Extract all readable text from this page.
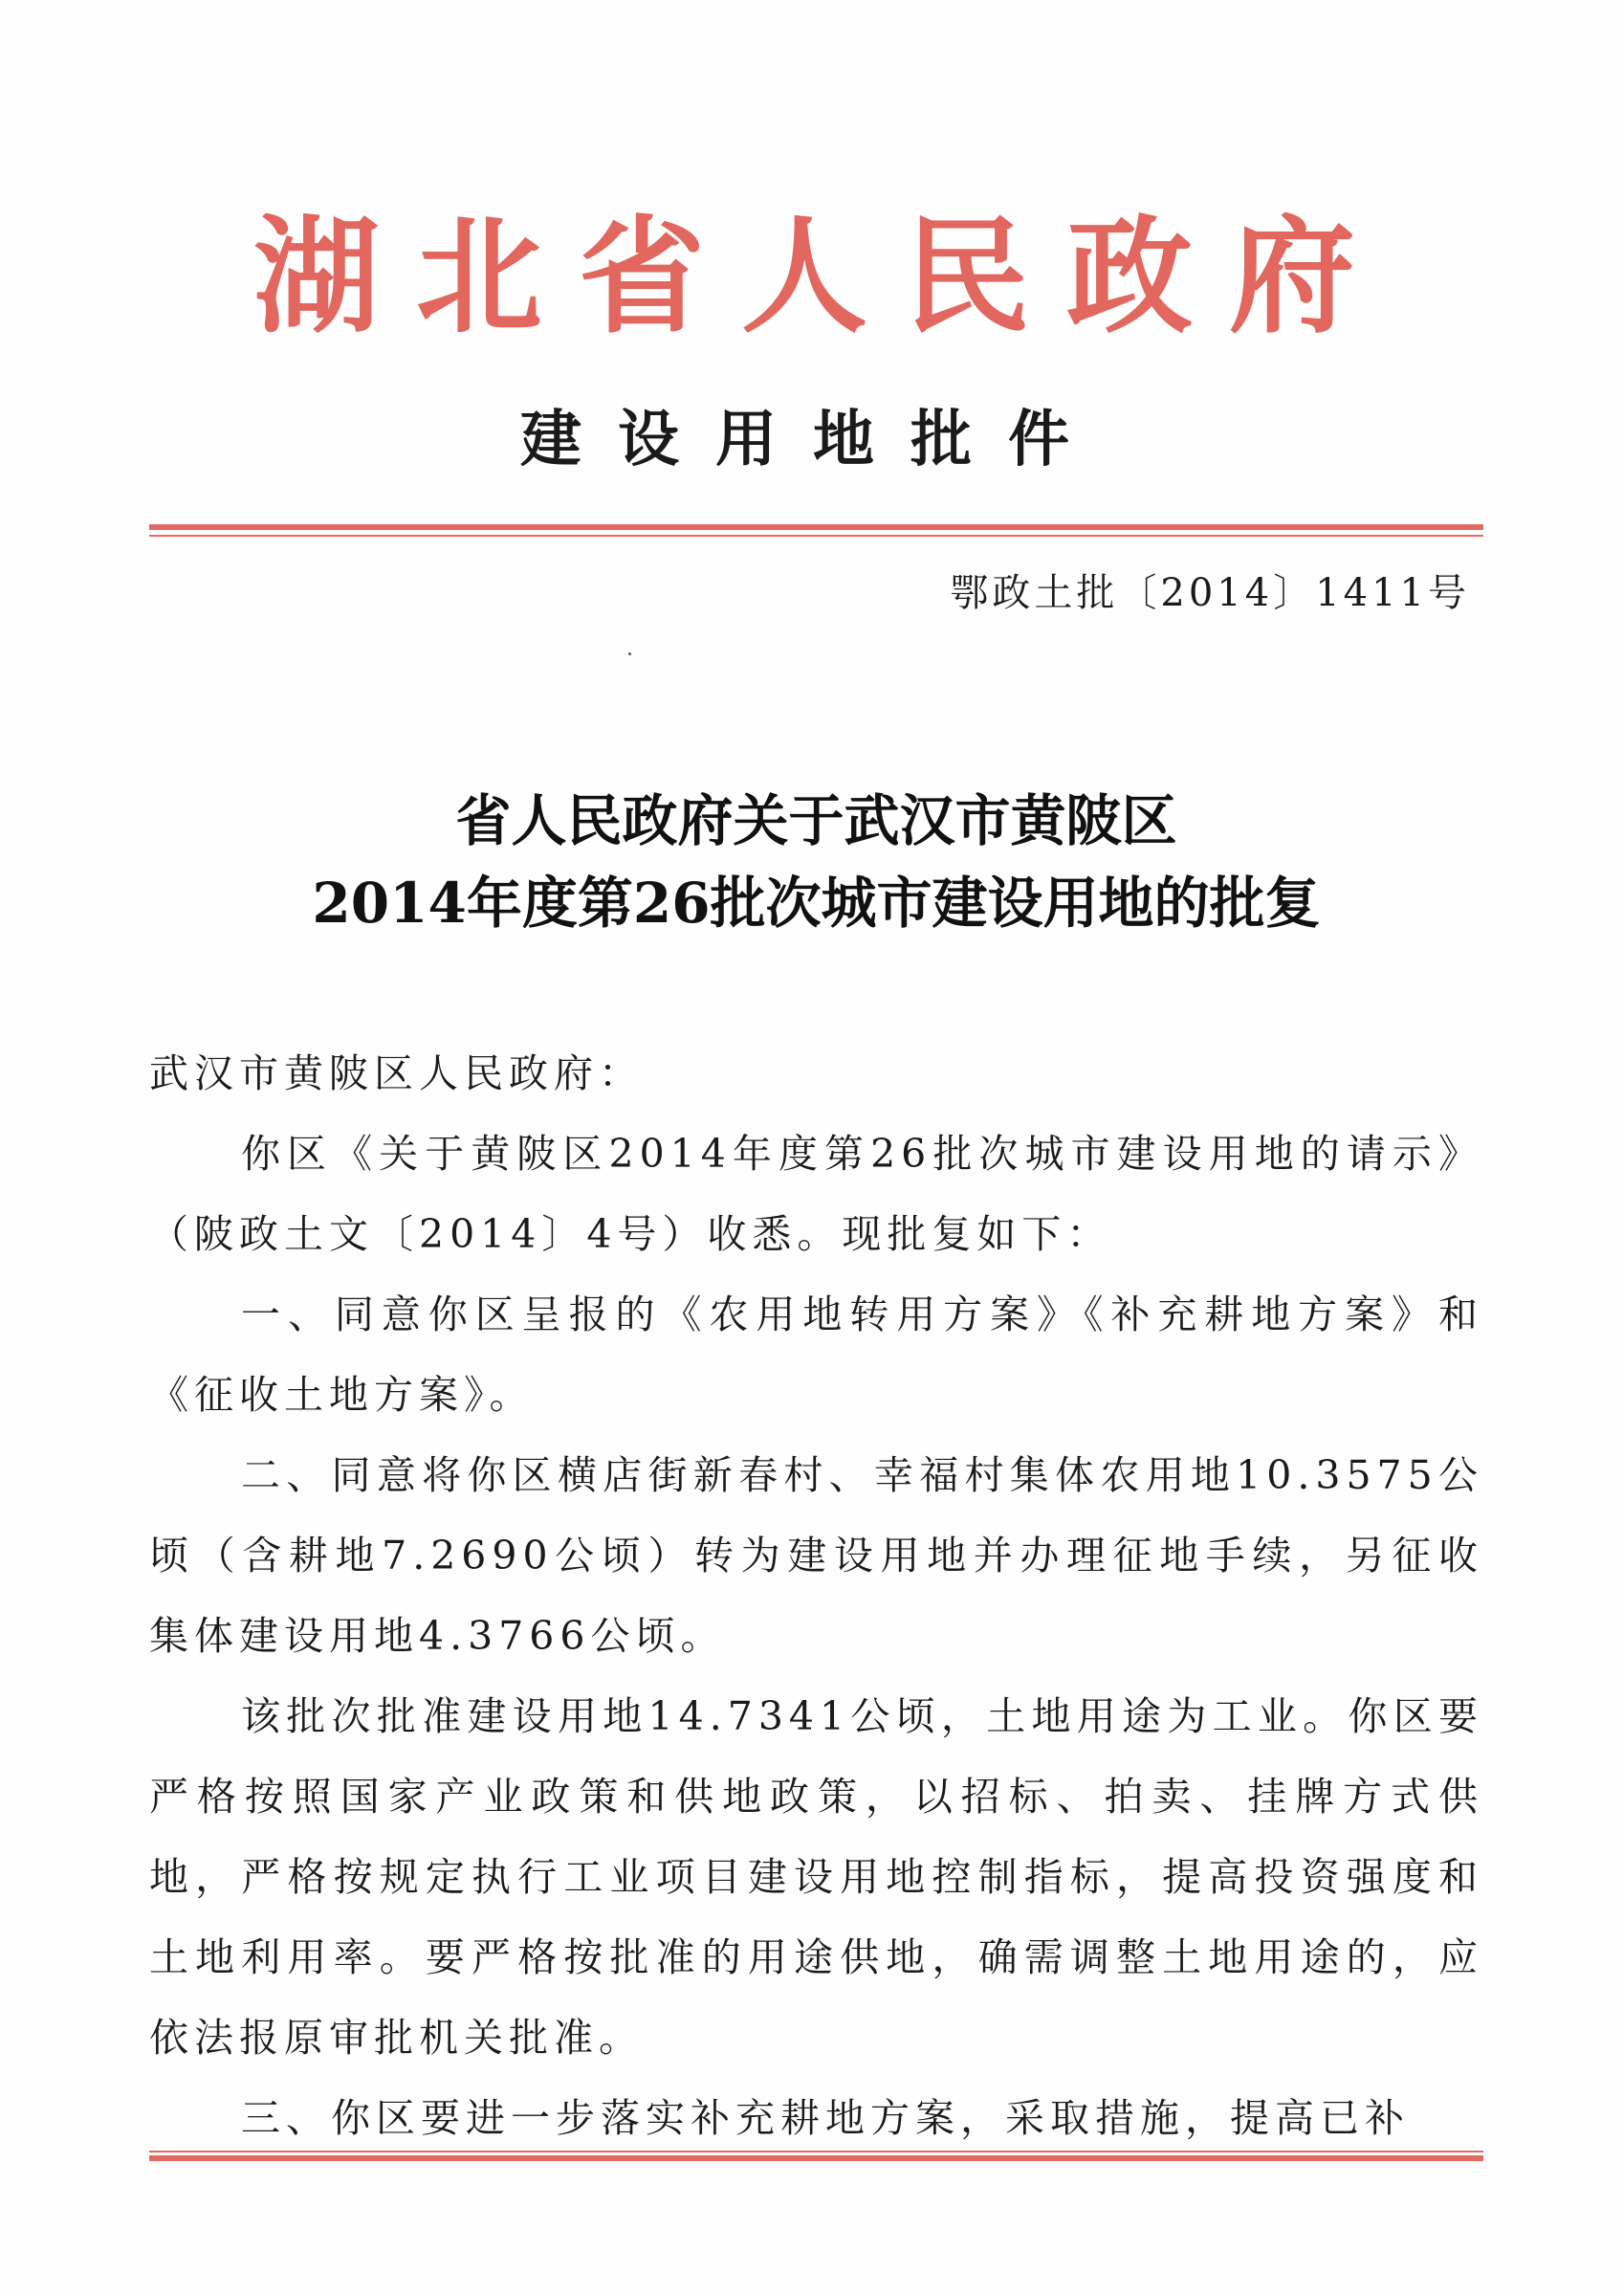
湖北省人民政府
建设用地批件
鄂政土批〔2014〕1411号
省人民政府关于武汉市黄陂区
2014年度第26批次城市建设用地的批复

武汉市黄陂区人民政府：

你区《关于黄陂区2014年度第26批次城市建设用地的请示》（陂政土文〔2014〕4号）收悉。现批复如下：

一、同意你区呈报的《农用地转用方案》《补充耕地方案》和《征收土地方案》。

二、同意将你区横店街新春村、幸福村集体农用地10.3575公顷（含耕地7.2690公顷）转为建设用地并办理征地手续，另征收集体建设用地4.3766公顷。

该批次批准建设用地14.7341公顷，土地用途为工业。你区要严格按照国家产业政策和供地政策，以招标、拍卖、挂牌方式供地，严格按规定执行工业项目建设用地控制指标，提高投资强度和土地利用率。要严格按批准的用途供地，确需调整土地用途的，应依法报原审批机关批准。

三、你区要进一步落实补充耕地方案，采取措施，提高已补
